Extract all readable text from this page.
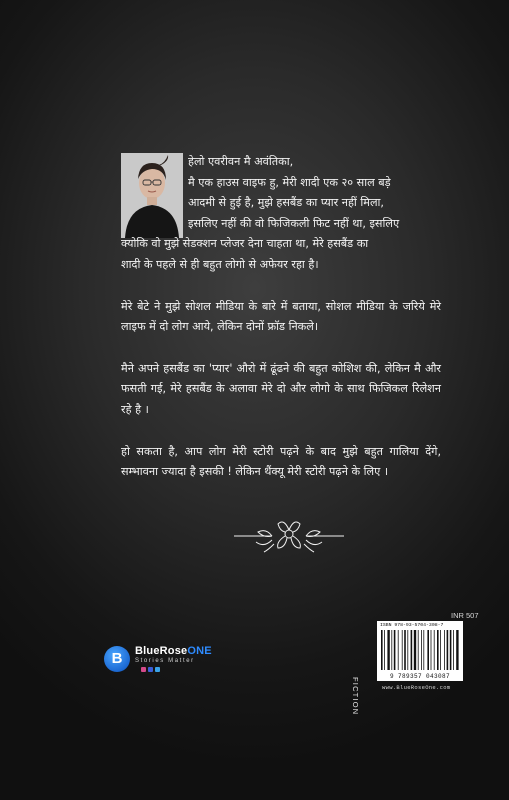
हेलो एवरीवन मै अवंतिका,
मै एक हाउस वाइफ हु, मेरी शादी एक २० साल बड़े
आदमी से हुई है, मुझे हसबैंड का प्यार नहीं मिला,
इसलिए नहीं की वो फिजिकली फिट नहीं था, इसलिए
क्योकि वो मुझे सेडक्शन प्लेजर देना चाहता था, मेरे हसबैंड का
शादी के पहले से ही बहुत लोगो से अफेयर रहा है।

मेरे बेटे ने मुझे सोशल मीडिया के बारे में बताया, सोशल मीडिया के जरिये मेरे लाइफ में दो लोग आये, लेकिन दोनों फ्रॉड निकले।

मैने अपने हसबैंड का 'प्यार' औरो में ढूंढने की बहुत कोशिश की, लेकिन मै और फसती गई, मेरे हसबैंड के अलावा मेरे दो और लोगो के साथ फिजिकल रिलेशन रहे है ।

हो सकता है, आप लोग मेरी स्टोरी पढ़ने के बाद मुझे बहुत गालिया देंगे, सम्भावना ज्यादा है इसकी ! लेकिन थैंक्यू मेरी स्टोरी पढ़ने के लिए ।

B	BlueRoseONE
Stories Matter
INR 507
FICTION
ISBN 978-93-5704-308-7
9 789357 043087
www.BlueRoseOne.com
